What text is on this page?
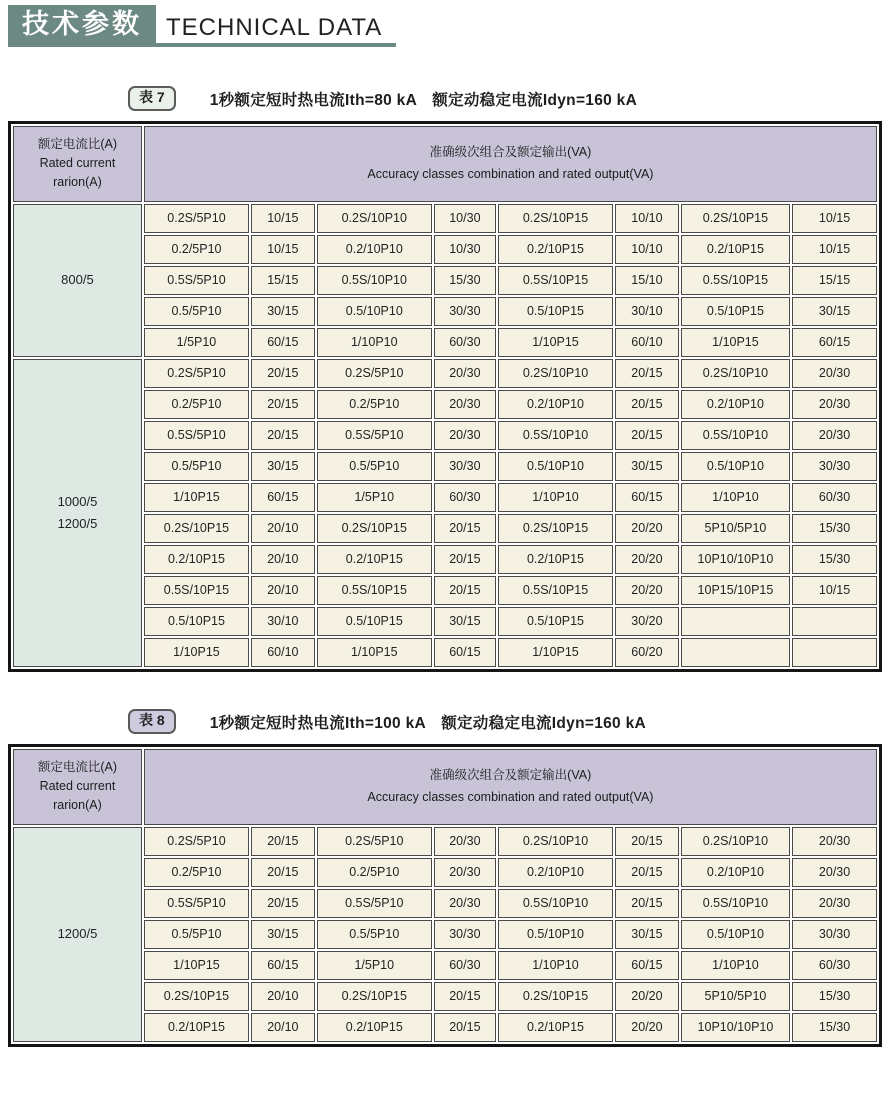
技术参数	TECHNICAL DATA
表 7	1秒额定短时热电流Ith=80 kA　额定动稳定电流Idyn=160 kA
额定电流比(A)
Rated current
rarion(A)

准确级次组合及额定输出(VA)
Accuracy classes combination and rated output(VA)

800/5	0.2S/5P10	10/15	0.2S/10P10	10/30	0.2S/10P15	10/10	0.2S/10P15	10/15
	0.2/5P10	10/15	0.2/10P10	10/30	0.2/10P15	10/10	0.2/10P15	10/15
	0.5S/5P10	15/15	0.5S/10P10	15/30	0.5S/10P15	15/10	0.5S/10P15	15/15
	0.5/5P10	30/15	0.5/10P10	30/30	0.5/10P15	30/10	0.5/10P15	30/15
	1/5P10	60/15	1/10P10	60/30	1/10P15	60/10	1/10P15	60/15

1000/5
1200/5	0.2S/5P10	20/15	0.2S/5P10	20/30	0.2S/10P10	20/15	0.2S/10P10	20/30
	0.2/5P10	20/15	0.2/5P10	20/30	0.2/10P10	20/15	0.2/10P10	20/30
	0.5S/5P10	20/15	0.5S/5P10	20/30	0.5S/10P10	20/15	0.5S/10P10	20/30
	0.5/5P10	30/15	0.5/5P10	30/30	0.5/10P10	30/15	0.5/10P10	30/30
	1/10P15	60/15	1/5P10	60/30	1/10P10	60/15	1/10P10	60/30
	0.2S/10P15	20/10	0.2S/10P15	20/15	0.2S/10P15	20/20	5P10/5P10	15/30
	0.2/10P15	20/10	0.2/10P15	20/15	0.2/10P15	20/20	10P10/10P10	15/30
	0.5S/10P15	20/10	0.5S/10P15	20/15	0.5S/10P15	20/20	10P15/10P15	10/15
	0.5/10P15	30/10	0.5/10P15	30/15	0.5/10P15	30/20		
	1/10P15	60/10	1/10P15	60/15	1/10P15	60/20		
表 8	1秒额定短时热电流Ith=100 kA　额定动稳定电流Idyn=160 kA
额定电流比(A)
Rated current
rarion(A)

准确级次组合及额定输出(VA)
Accuracy classes combination and rated output(VA)

1200/5	0.2S/5P10	20/15	0.2S/5P10	20/30	0.2S/10P10	20/15	0.2S/10P10	20/30
	0.2/5P10	20/15	0.2/5P10	20/30	0.2/10P10	20/15	0.2/10P10	20/30
	0.5S/5P10	20/15	0.5S/5P10	20/30	0.5S/10P10	20/15	0.5S/10P10	20/30
	0.5/5P10	30/15	0.5/5P10	30/30	0.5/10P10	30/15	0.5/10P10	30/30
	1/10P15	60/15	1/5P10	60/30	1/10P10	60/15	1/10P10	60/30
	0.2S/10P15	20/10	0.2S/10P15	20/15	0.2S/10P15	20/20	5P10/5P10	15/30
	0.2/10P15	20/10	0.2/10P15	20/15	0.2/10P15	20/20	10P10/10P10	15/30
